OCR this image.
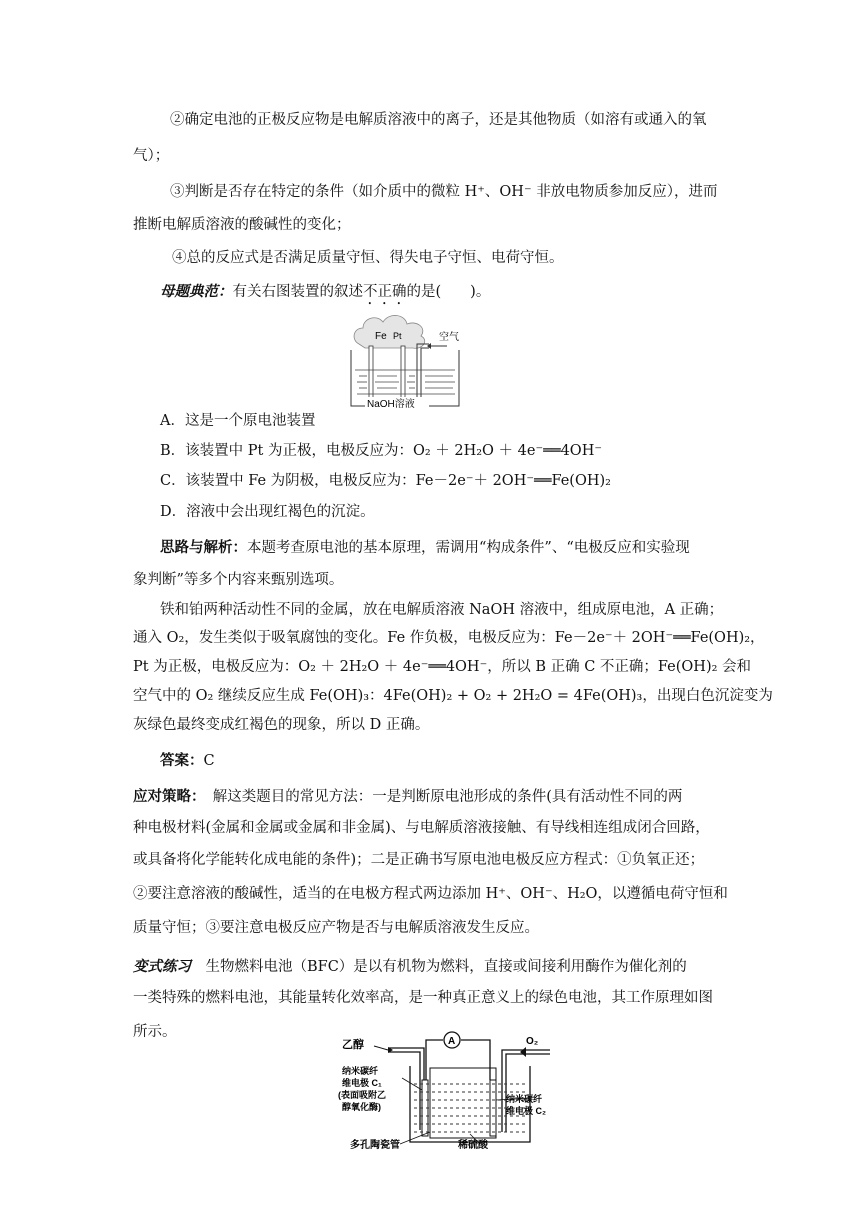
②确定电池的正极反应物是电解质溶液中的离子，还是其他物质（如溶有或通入的氧
气）；
③判断是否存在特定的条件（如介质中的微粒 H⁺、OH⁻ 非放电物质参加反应），进而
推断电解质溶液的酸碱性的变化；
④总的反应式是否满足质量守恒、得失电子守恒、电荷守恒。
母题典范：有关右图装置的叙述不正确的是(　　)。
Fe Pt	空气
NaOH溶液
A．这是一个原电池装置
B．该装置中 Pt 为正极，电极反应为：O₂ ＋ 2H₂O ＋ 4e⁻══4OH⁻
C．该装置中 Fe 为阴极，电极反应为：Fe－2e⁻＋ 2OH⁻══Fe(OH)₂
D．溶液中会出现红褐色的沉淀。
思路与解析：本题考查原电池的基本原理，需调用“构成条件”、“电极反应和实验现
象判断”等多个内容来甄别选项。
铁和铂两种活动性不同的金属，放在电解质溶液 NaOH 溶液中，组成原电池，A 正确；
通入 O₂，发生类似于吸氧腐蚀的变化。Fe 作负极，电极反应为：Fe－2e⁻＋ 2OH⁻══Fe(OH)₂，
Pt 为正极，电极反应为：O₂ ＋ 2H₂O ＋ 4e⁻══4OH⁻，所以 B 正确 C 不正确；Fe(OH)₂ 会和
空气中的 O₂ 继续反应生成 Fe(OH)₃：4Fe(OH)₂ + O₂ + 2H₂O = 4Fe(OH)₃，出现白色沉淀变为
灰绿色最终变成红褐色的现象，所以 D 正确。
答案：C
应对策略：　解这类题目的常见方法：一是判断原电池形成的条件(具有活动性不同的两
种电极材料(金属和金属或金属和非金属)、与电解质溶液接触、有导线相连组成闭合回路，
或具备将化学能转化成电能的条件)；二是正确书写原电池电极反应方程式：①负氧正还；
②要注意溶液的酸碱性，适当的在电极方程式两边添加 H⁺、OH⁻、H₂O，以遵循电荷守恒和
质量守恒；③要注意电极反应产物是否与电解质溶液发生反应。
变式练习　生物燃料电池（BFC）是以有机物为燃料，直接或间接利用酶作为催化剂的
一类特殊的燃料电池，其能量转化效率高，是一种真正意义上的绿色电池，其工作原理如图
所示。
A
乙醇	O₂
纳米碳纤
维电极 C₁
(表面吸附乙
醇氧化酶)
纳米碳纤
维电极 C₂
多孔陶瓷管	稀硫酸
